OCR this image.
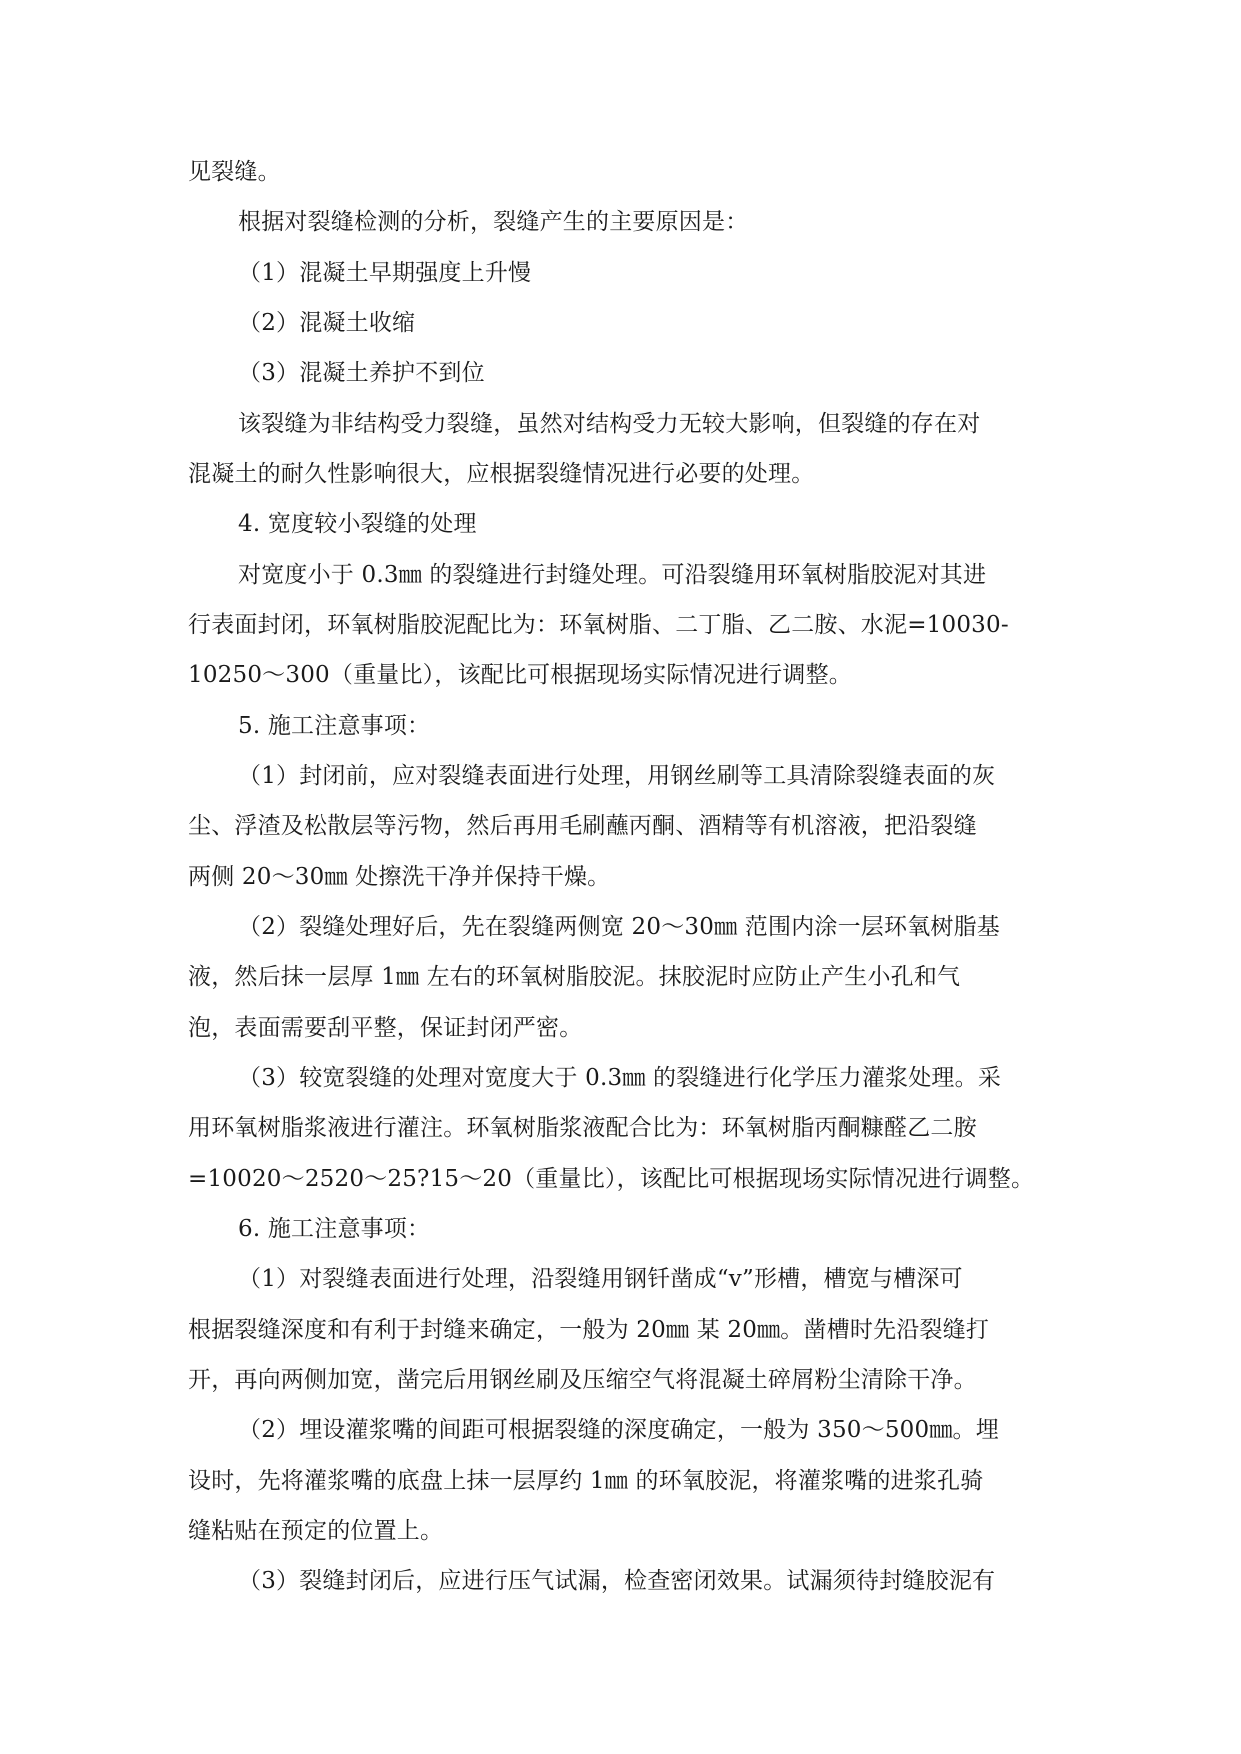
见裂缝。
根据对裂缝检测的分析，裂缝产生的主要原因是：
（1）混凝土早期强度上升慢
（2）混凝土收缩
（3）混凝土养护不到位
该裂缝为非结构受力裂缝，虽然对结构受力无较大影响，但裂缝的存在对
混凝土的耐久性影响很大，应根据裂缝情况进行必要的处理。
4. 宽度较小裂缝的处理
对宽度小于 0.3㎜ 的裂缝进行封缝处理。可沿裂缝用环氧树脂胶泥对其进
行表面封闭，环氧树脂胶泥配比为：环氧树脂、二丁脂、乙二胺、水泥=10030-
10250～300（重量比），该配比可根据现场实际情况进行调整。
5. 施工注意事项：
（1）封闭前，应对裂缝表面进行处理，用钢丝刷等工具清除裂缝表面的灰
尘、浮渣及松散层等污物，然后再用毛刷蘸丙酮、酒精等有机溶液，把沿裂缝
两侧 20～30㎜ 处擦洗干净并保持干燥。
（2）裂缝处理好后，先在裂缝两侧宽 20～30㎜ 范围内涂一层环氧树脂基
液，然后抹一层厚 1㎜ 左右的环氧树脂胶泥。抹胶泥时应防止产生小孔和气
泡，表面需要刮平整，保证封闭严密。
（3）较宽裂缝的处理对宽度大于 0.3㎜ 的裂缝进行化学压力灌浆处理。采
用环氧树脂浆液进行灌注。环氧树脂浆液配合比为：环氧树脂丙酮糠醛乙二胺
=10020～2520～25?15～20（重量比），该配比可根据现场实际情况进行调整。
6. 施工注意事项：
（1）对裂缝表面进行处理，沿裂缝用钢钎凿成“v”形槽，槽宽与槽深可
根据裂缝深度和有利于封缝来确定，一般为 20㎜ 某 20㎜。凿槽时先沿裂缝打
开，再向两侧加宽，凿完后用钢丝刷及压缩空气将混凝土碎屑粉尘清除干净。
（2）埋设灌浆嘴的间距可根据裂缝的深度确定，一般为 350～500㎜。埋
设时，先将灌浆嘴的底盘上抹一层厚约 1㎜ 的环氧胶泥，将灌浆嘴的进浆孔骑
缝粘贴在预定的位置上。
（3）裂缝封闭后，应进行压气试漏，检查密闭效果。试漏须待封缝胶泥有
